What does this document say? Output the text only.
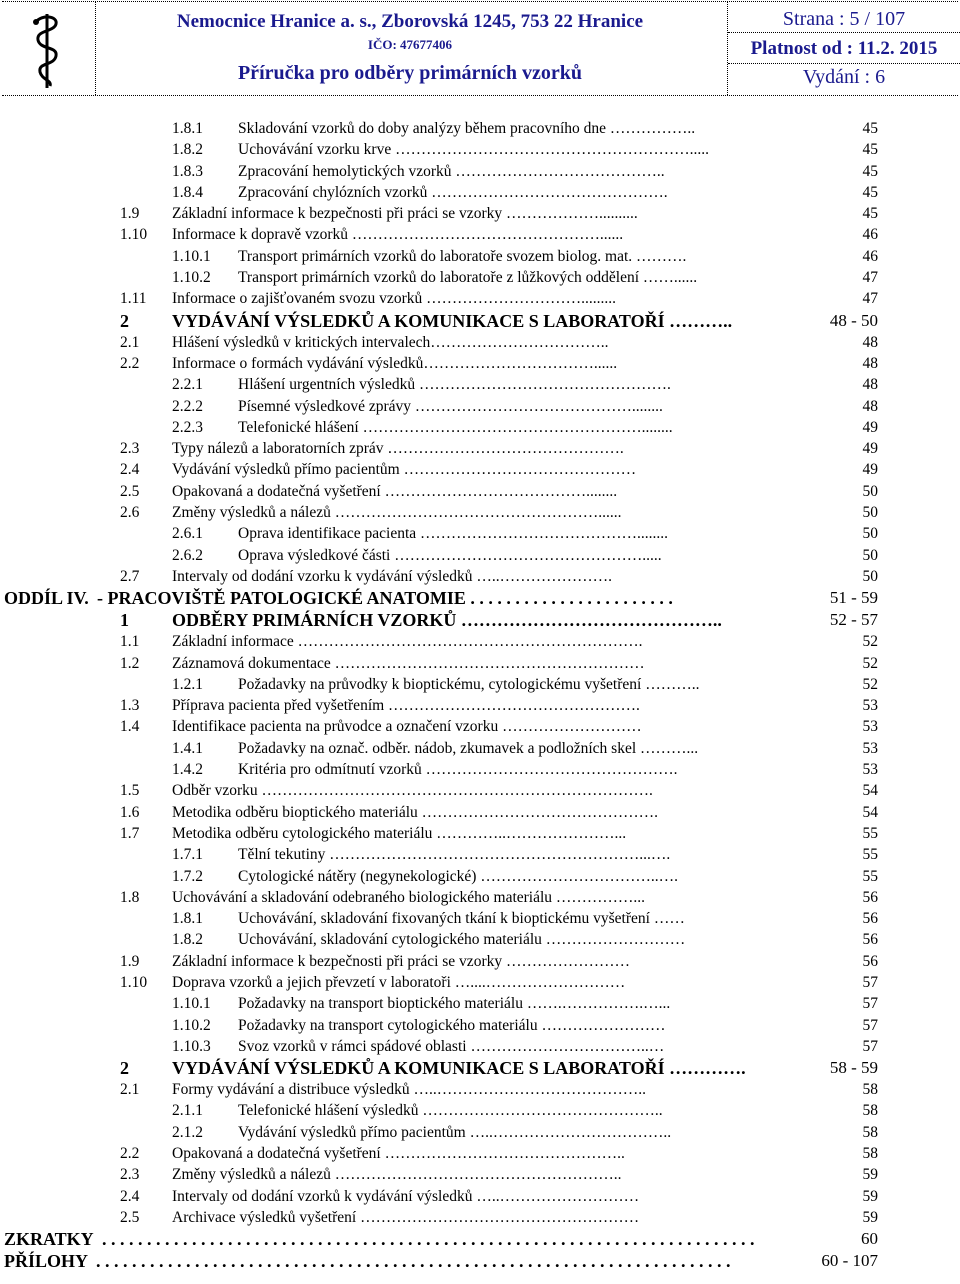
Nemocnice Hranice a. s., Zborovská 1245, 753 22 Hranice
IČO: 47677406
Příručka pro odběry primárních vzorků
Strana : 5 / 107
Platnost od : 11.2. 2015
Vydání : 6
1.8.1 Skladování vzorků do doby analýzy během pracovního dne ……………..	45
1.8.2 Uchovávání vzorku krve ………………………………………………….....	45
1.8.3 Zpracování hemolytických vzorků …………………………………..	45
1.8.4 Zpracování chylózních vzorků ……………………………………….	45
1.9 Základní informace k bezpečnosti při práci se vzorky ………………..........	45
1.10 Informace k dopravě vzorků …………………………………………......	46
1.10.1 Transport primárních vzorků do laboratoře svozem biolog. mat. ……….	46
1.10.2 Transport primárních vzorků do laboratoře z lůžkových oddělení ……......	47
1.11 Informace o zajišťovaném svozu vzorků ………………………….........	47
2 VYDÁVÁNÍ VÝSLEDKŮ A KOMUNIKACE S LABORATOŘÍ ………..	48 - 50
2.1 Hlášení výsledků v kritických intervalech……………………………..	48
2.2 Informace o formách vydávání výsledků……………………………......	48
2.2.1 Hlášení urgentních výsledků ………………………………………….	48
2.2.2 Písemné výsledkové zprávy ……………………………………........	48
2.2.3 Telefonické hlášení ………………………………………………........	49
2.3 Typy nálezů a laboratorních zpráv ……………………………………….	49
2.4 Vydávání výsledků přímo pacientům ………………………………………	49
2.5 Opakovaná a dodatečná vyšetření …………………………………........	50
2.6 Změny výsledků a nálezů ……………………………………………......	50
2.6.1 Oprava identifikace pacienta ……………………………………........	50
2.6.2 Oprava výsledkové části ………………………………………….....	50
2.7 Intervaly od dodání vzorku k vydávání výsledků …..………………….	50
ODDÍL IV. - PRACOVIŠTĚ PATOLOGICKÉ ANATOMIE . . . . . . . . . . . . . . . . . . . . . . .	51 - 59
1 ODBĚRY PRIMÁRNÍCH VZORKŮ ……………………………………..	52 - 57
1.1 Základní informace ………………………………………………………….	52
1.2 Záznamová dokumentace ……………………………………………………	52
1.2.1 Požadavky na průvodky k bioptickému, cytologickému vyšetření ………..	52
1.3 Příprava pacienta před vyšetřením ………………………………………….	53
1.4 Identifikace pacienta na průvodce a označení vzorku ………………………	53
1.4.1 Požadavky na označ. odběr. nádob, zkumavek a podložních skel ………...	53
1.4.2 Kritéria pro odmítnutí vzorků ………………………………………….	53
1.5 Odběr vzorku ………………………………………………………………….	54
1.6 Metodika odběru bioptického materiálu ……………………………………….	54
1.7 Metodika odběru cytologického materiálu …………..…………………...	55
1.7.1 Tělní tekutiny ……………………………………………………...….	55
1.7.2 Cytologické nátěry (negynekologické) ……………………………..….	55
1.8 Uchovávání a skladování odebraného biologického materiálu ……………...	56
1.8.1 Uchovávání, skladování fixovaných tkání k bioptickému vyšetření ……	56
1.8.2 Uchovávání, skladování cytologického materiálu ………………………	56
1.9 Základní informace k bezpečnosti při práci se vzorky ……………………	56
1.10 Doprava vzorků a jejich převzetí v laboratoři …....………………………	57
1.10.1 Požadavky na transport bioptického materiálu …….…………….…...	57
1.10.2 Požadavky na transport cytologického materiálu ……………………	57
1.10.3 Svoz vzorků v rámci spádové oblasti ……………………………..…	57
2 VYDÁVÁNÍ VÝSLEDKŮ A KOMUNIKACE S LABORATOŘÍ ………….	58 - 59
2.1 Formy vydávání a distribuce výsledků …..…………………………………..	58
2.1.1 Telefonické hlášení výsledků ………………………………………..	58
2.1.2 Vydávání výsledků přímo pacientům …..……………………………..	58
2.2 Opakovaná a dodatečná vyšetření ………………………………………..	58
2.3 Změny výsledků a nálezů ………………………………………………..	59
2.4 Intervaly od dodání vzorků k vydávání výsledků …..………………………	59
2.5 Archivace výsledků vyšetření ………………………………………………	59
ZKRATKY . . . . . . . . . . . . . . . . . . . . . . . . . . . . . . . . . . . . . . . . . . . . . . . . . . . . . . . . . . . . . . . . . . . . . . . . .	60
PŘÍLOHY . . . . . . . . . . . . . . . . . . . . . . . . . . . . . . . . . . . . . . . . . . . . . . . . . . . . . . . . . . . . . . . . . . . . . . .	60 - 107
